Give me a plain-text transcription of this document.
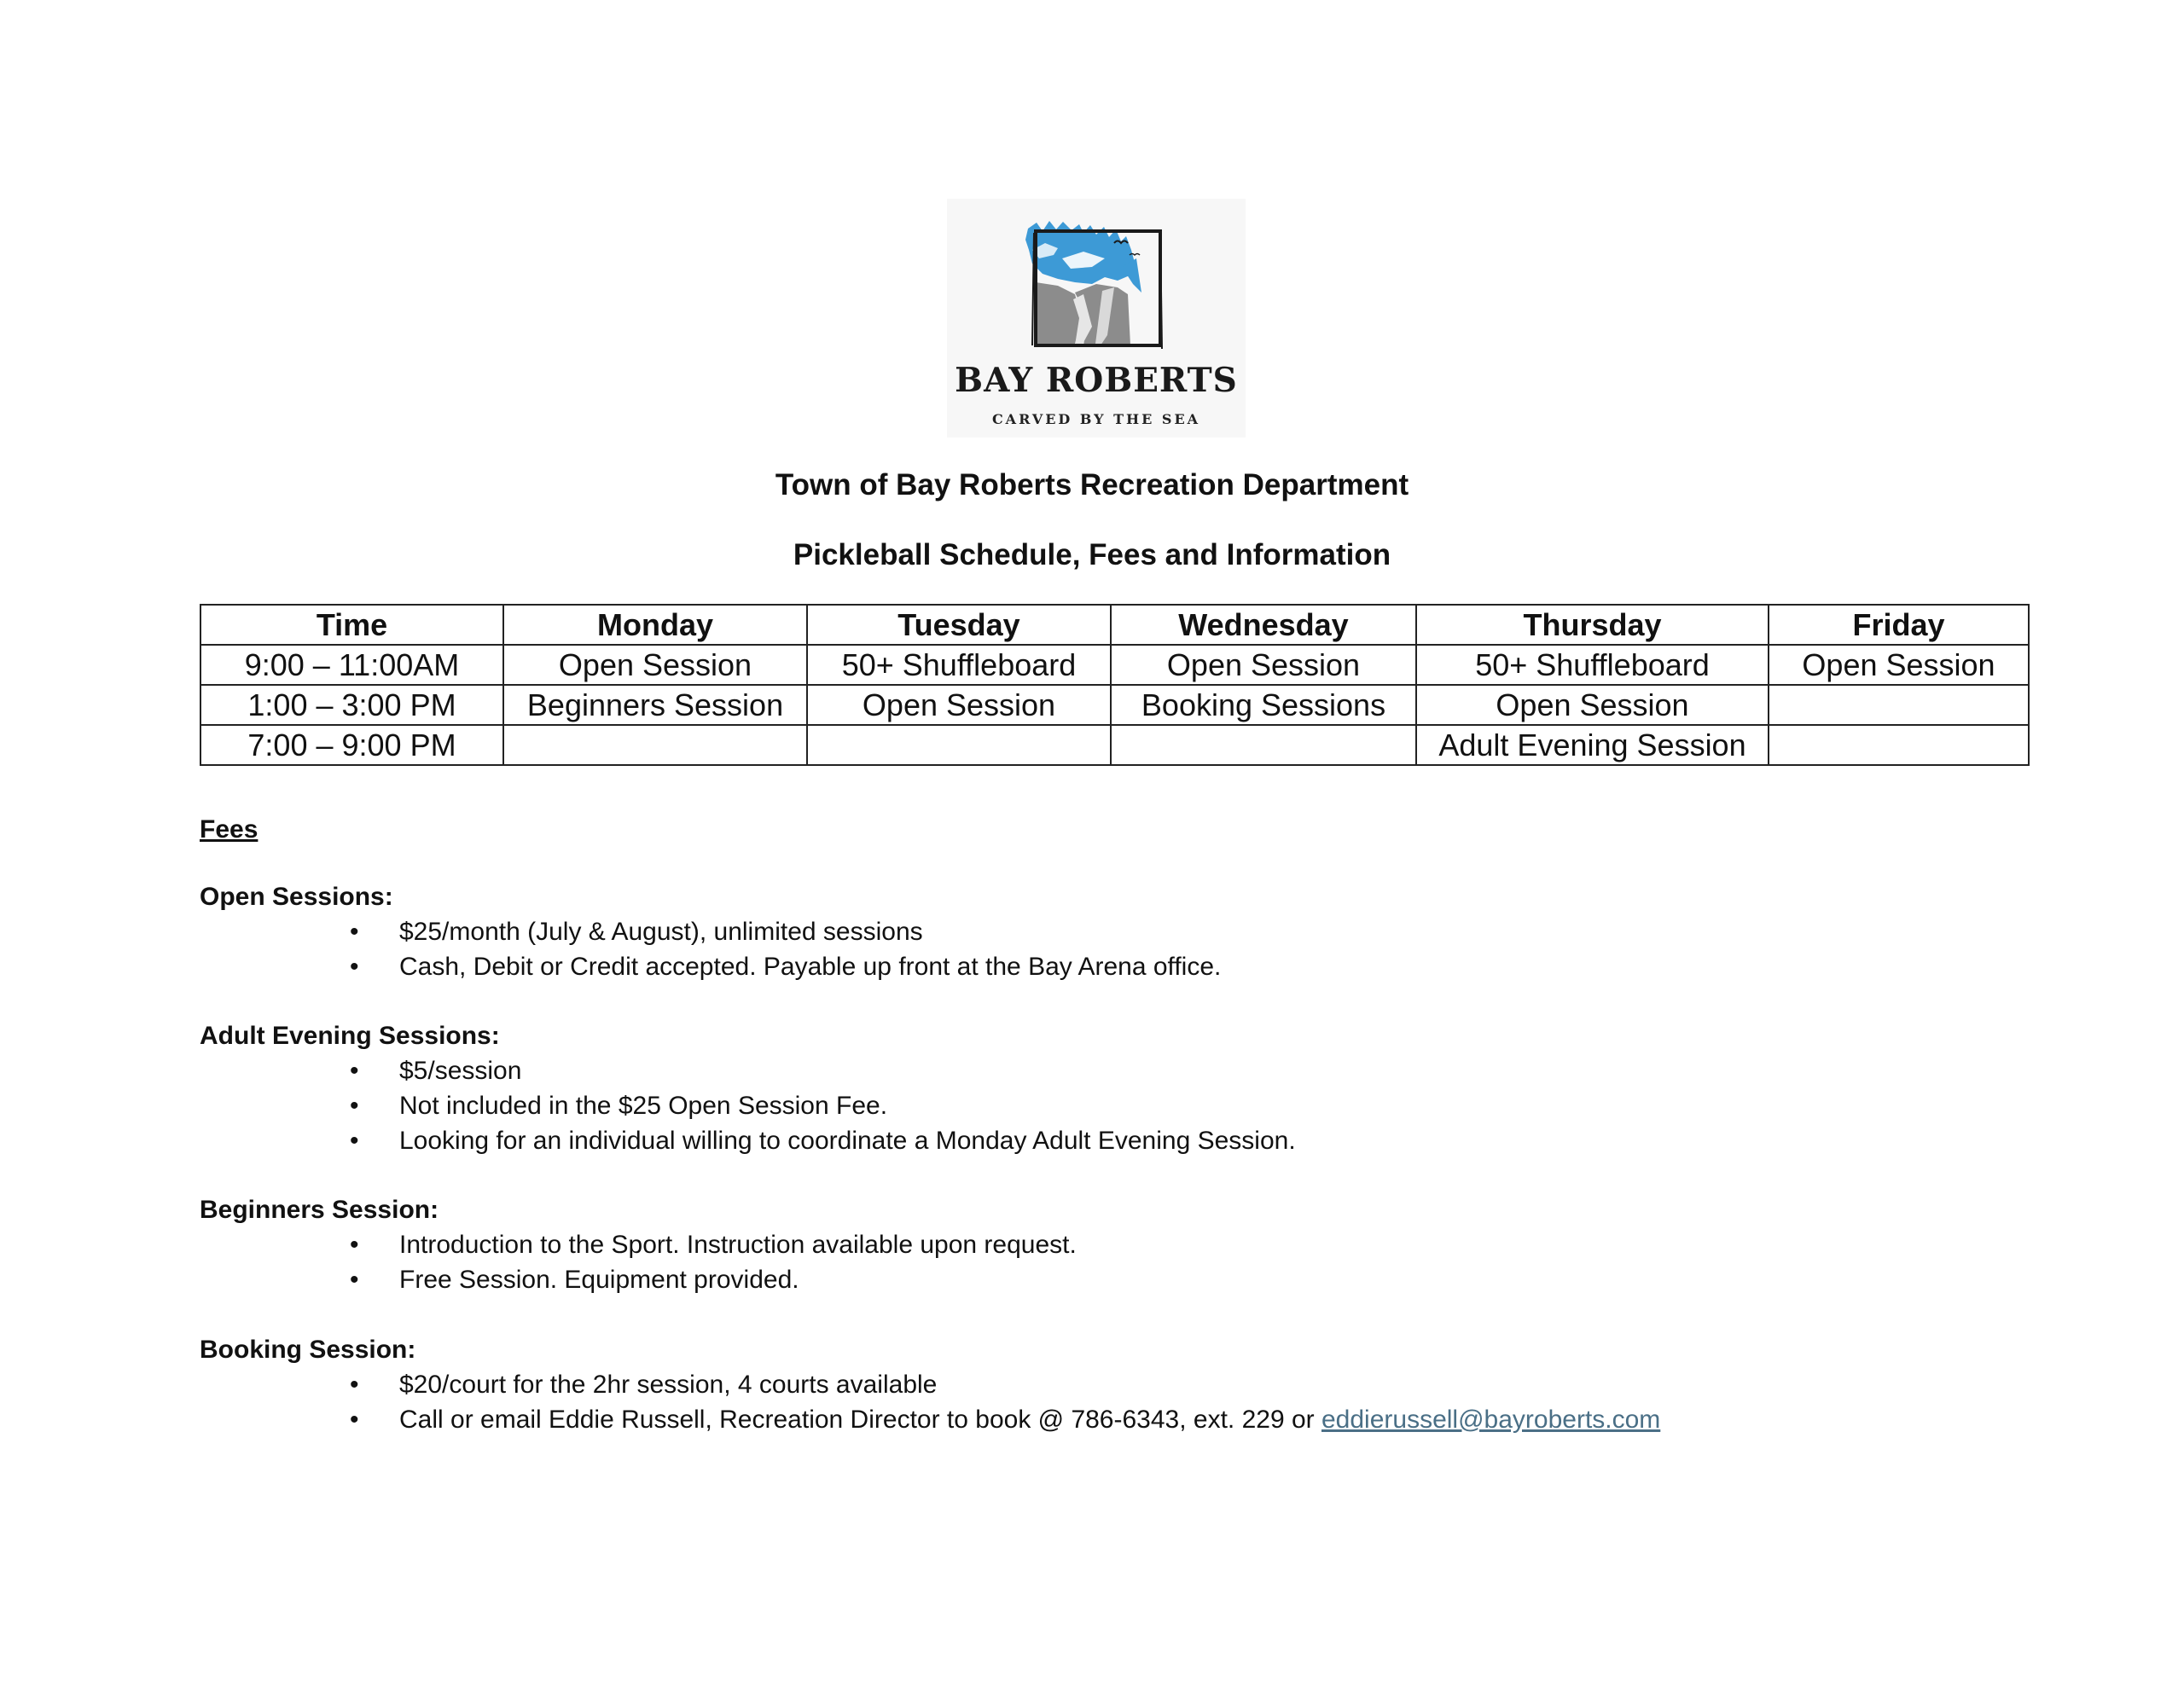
BAY ROBERTS
CARVED BY THE SEA
Town of Bay Roberts Recreation Department
Pickleball Schedule, Fees and Information
Time	Monday	Tuesday	Wednesday	Thursday	Friday
9:00 – 11:00AM	Open Session	50+ Shuffleboard	Open Session	50+ Shuffleboard	Open Session
1:00 – 3:00 PM	Beginners Session	Open Session	Booking Sessions	Open Session	
7:00 – 9:00 PM				Adult Evening Session	
Fees
Open Sessions:
• $25/month (July & August), unlimited sessions
• Cash, Debit or Credit accepted. Payable up front at the Bay Arena office.
Adult Evening Sessions:
• $5/session
• Not included in the $25 Open Session Fee.
• Looking for an individual willing to coordinate a Monday Adult Evening Session.
Beginners Session:
• Introduction to the Sport. Instruction available upon request.
• Free Session. Equipment provided.
Booking Session:
• $20/court for the 2hr session, 4 courts available
• Call or email Eddie Russell, Recreation Director to book @ 786-6343, ext. 229 or eddierussell@bayroberts.com
